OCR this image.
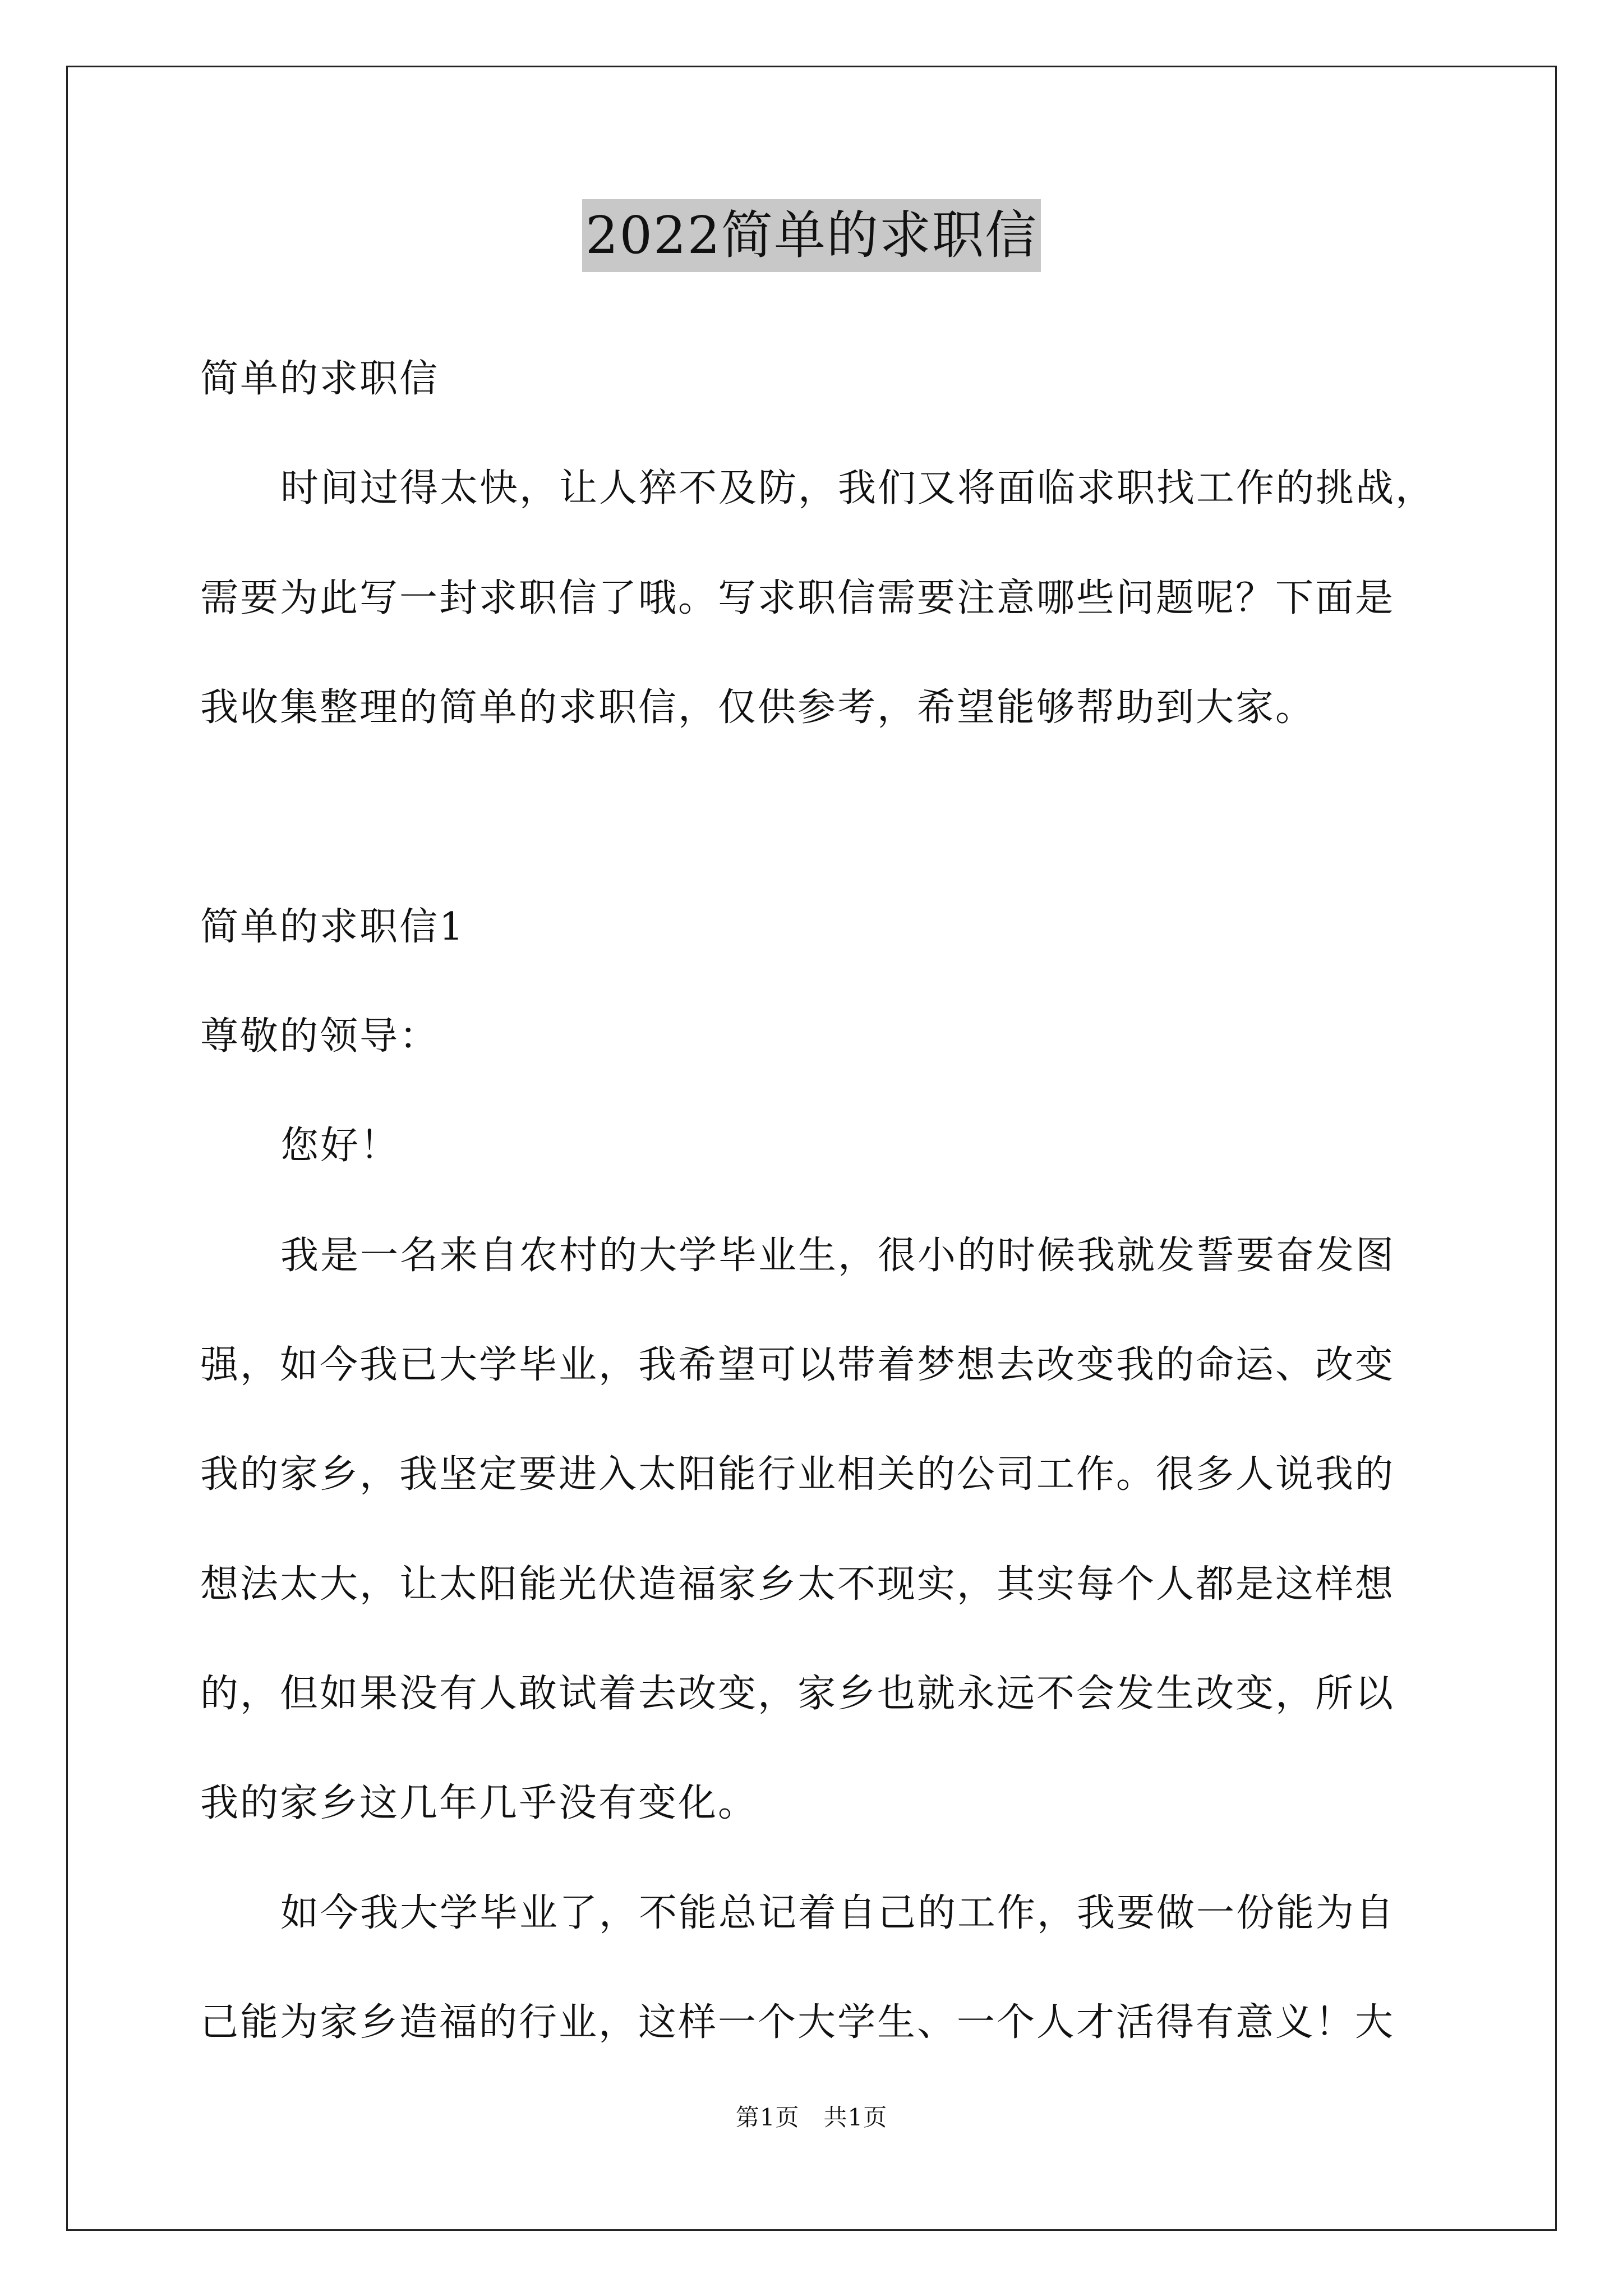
2022简单的求职信
简单的求职信
时间过得太快，让人猝不及防，我们又将面临求职找工作的挑战，
需要为此写一封求职信了哦。写求职信需要注意哪些问题呢？下面是
我收集整理的简单的求职信，仅供参考，希望能够帮助到大家。
简单的求职信1
尊敬的领导：
您好！
我是一名来自农村的大学毕业生，很小的时候我就发誓要奋发图
强，如今我已大学毕业，我希望可以带着梦想去改变我的命运、改变
我的家乡，我坚定要进入太阳能行业相关的公司工作。很多人说我的
想法太大，让太阳能光伏造福家乡太不现实，其实每个人都是这样想
的，但如果没有人敢试着去改变，家乡也就永远不会发生改变，所以
我的家乡这几年几乎没有变化。
如今我大学毕业了，不能总记着自己的工作，我要做一份能为自
己能为家乡造福的行业，这样一个大学生、一个人才活得有意义！大
第1页　共1页
